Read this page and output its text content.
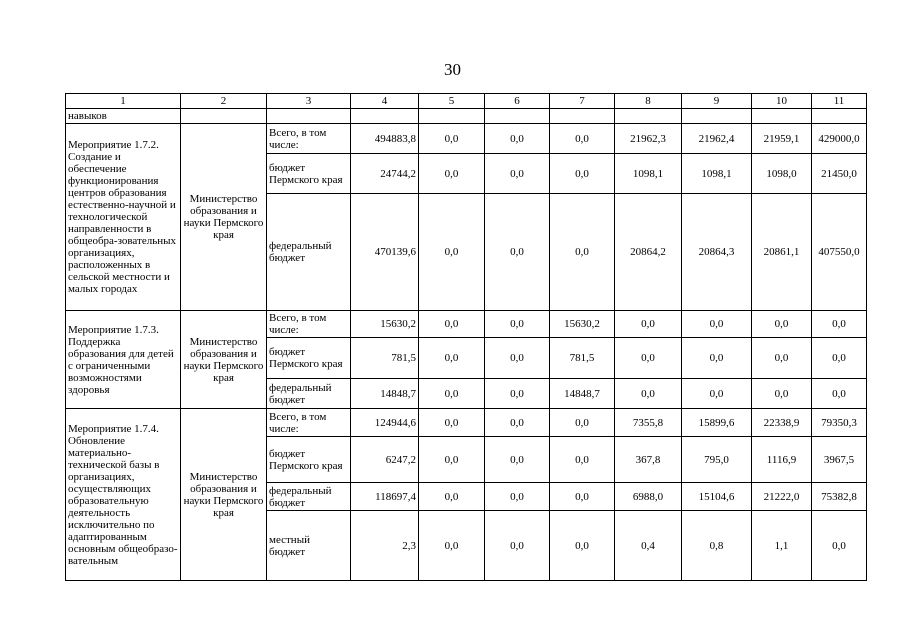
30
1	2	3	4	5	6	7	8	9	10	11
навыков										
Мероприятие 1.7.2. Создание и обеспечение функционирования центров образования естественно-научной и технологической направленности в общеобра-зовательных организациях, расположенных в сельской местности и малых городах	Министерство образования и науки Пермского края	Всего, в том числе:	494883,8	0,0	0,0	0,0	21962,3	21962,4	21959,1	429000,0
		бюджет Пермского края	24744,2	0,0	0,0	0,0	1098,1	1098,1	1098,0	21450,0
		федеральный бюджет	470139,6	0,0	0,0	0,0	20864,2	20864,3	20861,1	407550,0
Мероприятие 1.7.3. Поддержка образования для детей с ограниченными возможностями здоровья	Министерство образования и науки Пермского края	Всего, в том числе:	15630,2	0,0	0,0	15630,2	0,0	0,0	0,0	0,0
		бюджет Пермского края	781,5	0,0	0,0	781,5	0,0	0,0	0,0	0,0
		федеральный бюджет	14848,7	0,0	0,0	14848,7	0,0	0,0	0,0	0,0
Мероприятие 1.7.4. Обновление материально-технической базы в организациях, осуществляющих образовательную деятельность исключительно по адаптированным основным общеобразо-вательным	Министерство образования и науки Пермского края	Всего, в том числе:	124944,6	0,0	0,0	0,0	7355,8	15899,6	22338,9	79350,3
		бюджет Пермского края	6247,2	0,0	0,0	0,0	367,8	795,0	1116,9	3967,5
		федеральный бюджет	118697,4	0,0	0,0	0,0	6988,0	15104,6	21222,0	75382,8
		местный бюджет	2,3	0,0	0,0	0,0	0,4	0,8	1,1	0,0
